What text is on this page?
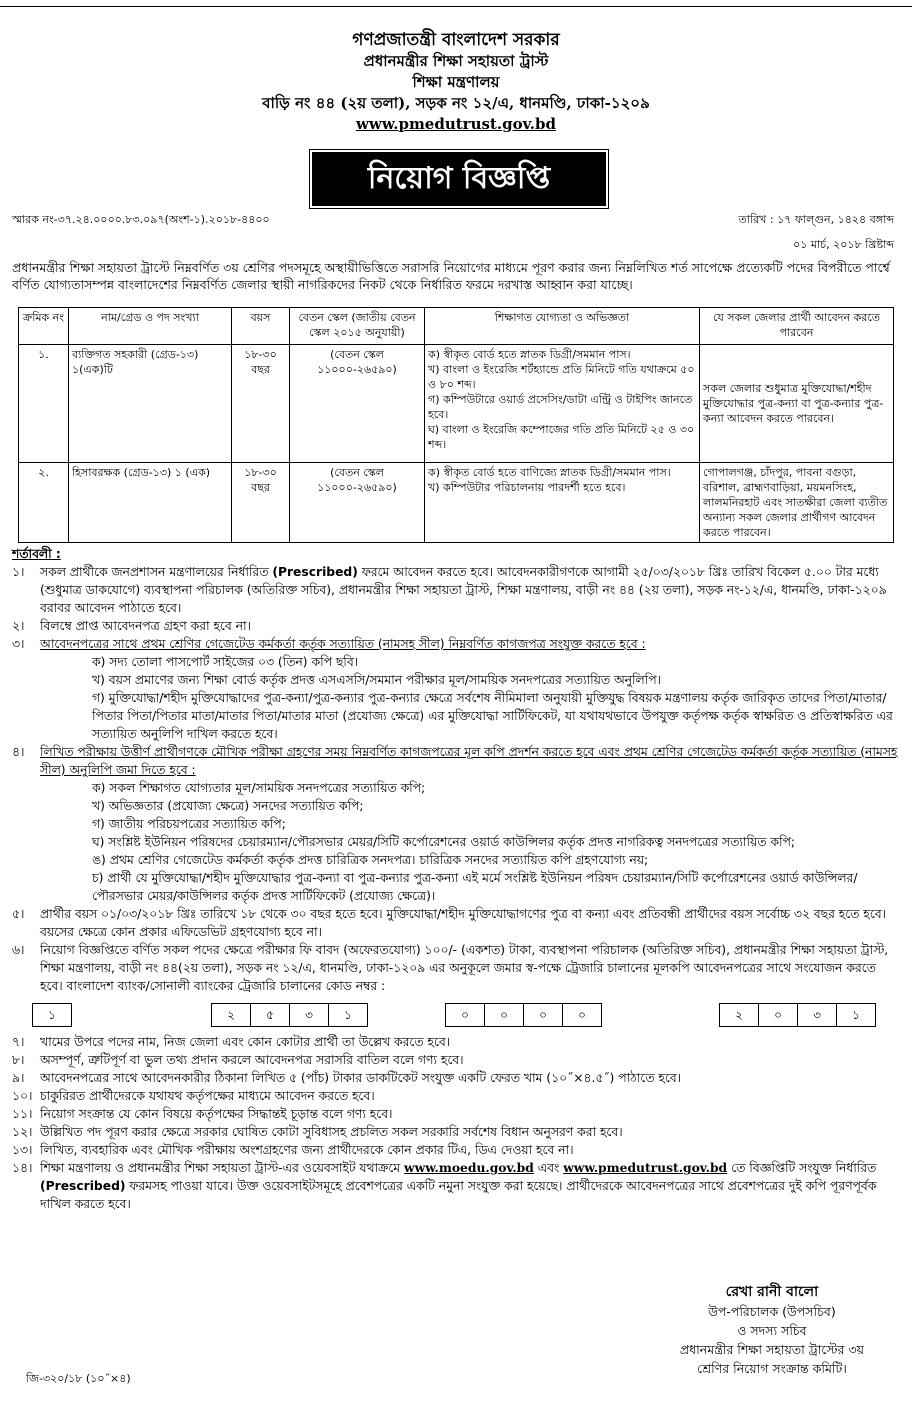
গণপ্রজাতন্ত্রী বাংলাদেশ সরকার
প্রধানমন্ত্রীর শিক্ষা সহায়তা ট্রাস্ট
শিক্ষা মন্ত্রণালয়
বাড়ি নং ৪৪ (২য় তলা), সড়ক নং ১২/এ, ধানমণ্ডি, ঢাকা-১২০৯
www.pmedutrust.gov.bd
নিয়োগ বিজ্ঞপ্তি
স্মারক নং-৩৭.২৪.০০০০.৮৩.০৯৭(অংশ-১).২০১৮-৪৪০০	তারিখ : ১৭ ফাল্গুন, ১৪২৪ বঙ্গাব্দ
০১ মার্চ, ২০১৮ খ্রিষ্টাব্দ
প্রধানমন্ত্রীর শিক্ষা সহায়তা ট্রাস্টে নিম্নবর্ণিত ৩য় শ্রেণির পদসমূহে অস্থায়ীভিত্তিতে সরাসরি নিয়োগের মাধ্যমে পূরণ করার জন্য নিম্নলিখিত শর্ত সাপেক্ষে প্রত্যেকটি পদের বিপরীতে পার্শ্বে বর্ণিত যোগ্যতাসম্পন্ন বাংলাদেশের নিম্নবর্ণিত জেলার স্থায়ী নাগরিকদের নিকট থেকে নির্ধারিত ফরমে দরখাস্ত আহ্বান করা যাচ্ছে।
ক্রমিক নং	নাম/গ্রেড ও পদ সংখ্যা	বয়স	বেতন স্কেল (জাতীয় বেতন স্কেল ২০১৫ অনুযায়ী)	শিক্ষাগত যোগ্যতা ও অভিজ্ঞতা	যে সকল জেলার প্রার্থী আবেদন করতে পারবেন
১.	ব্যক্তিগত সহকারী (গ্রেড-১৩) ১(এক)টি	১৮-৩০ বছর	(বেতন স্কেল ১১০০০-২৬৫৯০)	ক) স্বীকৃত বোর্ড হতে স্নাতক ডিগ্রী/সমমান পাস।
খ) বাংলা ও ইংরেজি শর্টহ্যান্ডে প্রতি মিনিটে গতি যথাক্রমে ৫০ ও ৮০ শব্দ।
গ) কম্পিউটারে ওয়ার্ড প্রসেসিং/ডাটা এন্ট্রি ও টাইপিং জানতে হবে।
ঘ) বাংলা ও ইংরেজি কম্পোজের গতি প্রতি মিনিটে ২৫ ও ৩০ শব্দ।	সকল জেলার শুধুমাত্র মুক্তিযোদ্ধা/শহীদ মুক্তিযোদ্ধার পুত্র-কন্যা বা পুত্র-কন্যার পুত্র-কন্যা আবেদন করতে পারবেন।
২.	হিসাবরক্ষক (গ্রেড-১৩) ১ (এক)	১৮-৩০ বছর	(বেতন স্কেল ১১০০০-২৬৫৯০)	ক) স্বীকৃত বোর্ড হতে বাণিজ্যে স্নাতক ডিগ্রী/সমমান পাস।
খ) কম্পিউটার পরিচালনায় পারদর্শী হতে হবে।	গোপালগঞ্জ, চাঁদপুর, পাবনা বগুড়া, বরিশাল, ব্রাহ্মণবাড়িয়া, ময়মনসিংহ, লালমনিরহাট এবং সাতক্ষীরা জেলা ব্যতীত অন্যান্য সকল জেলার প্রার্থীগণ আবেদন করতে পারবেন।
শর্তাবলী :
১।	সকল প্রার্থীকে জনপ্রশাসন মন্ত্রণালয়ের নির্ধারিত (Prescribed) ফরমে আবেদন করতে হবে। আবেদনকারীগণকে আগামী ২৫/০৩/২০১৮ খ্রিঃ তারিখ বিকেল ৫.০০ টার মধ্যে (শুধুমাত্র ডাকযোগে) ব্যবস্থাপনা পরিচালক (অতিরিক্ত সচিব), প্রধানমন্ত্রীর শিক্ষা সহায়তা ট্রাস্ট, শিক্ষা মন্ত্রণালয়, বাড়ী নং ৪৪ (২য় তলা), সড়ক নং-১২/এ, ধানমণ্ডি, ঢাকা-১২০৯ বরাবর আবেদন পাঠাতে হবে।
২।	বিলম্বে প্রাপ্ত আবেদনপত্র গ্রহণ করা হবে না।
৩।	আবেদনপত্রের সাথে প্রথম শ্রেণির গেজেটেড কর্মকর্তা কর্তৃক সত্যায়িত (নামসহ সীল) নিম্নবর্ণিত কাগজপত্র সংযুক্ত করতে হবে :
ক) সদ্য তোলা পাসপোর্ট সাইজের ০৩ (তিন) কপি ছবি।
খ) বয়স প্রমাণের জন্য শিক্ষা বোর্ড কর্তৃক প্রদত্ত এসএসসি/সমমান পরীক্ষার মূল/সাময়িক সনদপত্রের সত্যায়িত অনুলিপি।
গ) মুক্তিযোদ্ধা/শহীদ মুক্তিযোদ্ধাদের পুত্র-কন্যা/পুত্র-কন্যার পুত্র-কন্যার ক্ষেত্রে সর্বশেষ নীমিমালা অনুযায়ী মুক্তিযুদ্ধ বিষয়ক মন্ত্রণালয় কর্তৃক জারিকৃত তাদের পিতা/মাতার/পিতার পিতা/পিতার মাতা/মাতার পিতা/মাতার মাতা (প্রযোজ্য ক্ষেত্রে) এর মুক্তিযোদ্ধা সার্টিফিকেট, যা যথাযথভাবে উপযুক্ত কর্তৃপক্ষ কর্তৃক স্বাক্ষরিত ও প্রতিস্বাক্ষরিত এর সত্যায়িত অনুলিপি দাখিল করতে হবে।
৪।	লিখিত পরীক্ষায় উত্তীর্ণ প্রার্থীগণকে মৌখিক পরীক্ষা গ্রহণের সময় নিম্নবর্ণিত কাগজপত্রের মূল কপি প্রদর্শন করতে হবে এবং প্রথম শ্রেণির গেজেটেড কর্মকর্তা কর্তৃক সত্যায়িত (নামসহ সীল) অনুলিপি জমা দিতে হবে :
ক) সকল শিক্ষাগত যোগ্যতার মূল/সাময়িক সনদপত্রের সত্যায়িত কপি;
খ) অভিজ্ঞতার (প্রযোজ্য ক্ষেত্রে) সনদের সত্যায়িত কপি;
গ) জাতীয় পরিচয়পত্রের সত্যায়িত কপি;
ঘ) সংশ্লিষ্ট ইউনিয়ন পরিষদের চেয়ারম্যান/পৌরসভার মেয়র/সিটি কর্পোরেশনের ওয়ার্ড কাউন্সিলর কর্তৃক প্রদত্ত নাগরিকত্ব সনদপত্রের সত্যায়িত কপি;
ঙ) প্রথম শ্রেণির গেজেটেড কর্মকর্তা কর্তৃক প্রদত্ত চারিত্রিক সনদপত্র। চারিত্রিক সনদের সত্যায়িত কপি গ্রহণযোগ্য নয়;
চ) প্রার্থী যে মুক্তিযোদ্ধা/শহীদ মুক্তিযোদ্ধার পুত্র-কন্যা বা পুত্র-কন্যার পুত্র-কন্যা এই মর্মে সংশ্লিষ্ট ইউনিয়ন পরিষদ চেয়ারম্যান/সিটি কর্পোরেশনের ওয়ার্ড কাউন্সিলর/পৌরসভার মেয়র/কাউন্সিলর কর্তৃক প্রদত্ত সার্টিফিকেট (প্রযোজ্য ক্ষেত্রে)।
৫।	প্রার্থীর বয়স ০১/০৩/২০১৮ খ্রিঃ তারিখে ১৮ থেকে ৩০ বছর হতে হবে। মুক্তিযোদ্ধা/শহীদ মুক্তিযোদ্ধাগণের পুত্র বা কন্যা এবং প্রতিবন্ধী প্রার্থীদের বয়স সর্বোচ্চ ৩২ বছর হতে হবে। বয়সের ক্ষেত্রে কোন প্রকার এফিডেভিট গ্রহণযোগ্য হবে না।
৬।	নিয়োগ বিজ্ঞপ্তিতে বর্ণিত সকল পদের ক্ষেত্রে পরীক্ষার ফি বাবদ (অফেরতযোগ্য) ১০০/- (একশত) টাকা, ব্যবস্থাপনা পরিচালক (অতিরিক্ত সচিব), প্রধানমন্ত্রীর শিক্ষা সহায়তা ট্রাস্ট, শিক্ষা মন্ত্রণালয়, বাড়ী নং ৪৪(২য় তলা), সড়ক নং ১২/এ, ধানমণ্ডি, ঢাকা-১২০৯ এর অনুকূলে জমার স্ব-পক্ষে ট্রেজারি চালানের মূলকপি আবেদনপত্রের সাথে সংযোজন করতে হবে। বাংলাদেশ ব্যাংক/সোনালী ব্যাংকের ট্রেজারি চালানের কোড নম্বর :
১	২	৫	৩	১	০	০	০	০	২	০	৩	১
৭।	খামের উপরে পদের নাম, নিজ জেলা এবং কোন কোটার প্রার্থী তা উল্লেখ করতে হবে।
৮।	অসম্পূর্ণ, ত্রুটিপূর্ণ বা ভুল তথ্য প্রদান করলে আবেদনপত্র সরাসরি বাতিল বলে গণ্য হবে।
৯।	আবেদনপত্রের সাথে আবেদনকারীর ঠিকানা লিখিত ৫ (পাঁচ) টাকার ডাকটিকেট সংযুক্ত একটি ফেরত খাম (১০˝×৪.৫˝) পাঠাতে হবে।
১০। চাকুরিরত প্রার্থীদেরকে যথাযথ কর্তৃপক্ষের মাধ্যমে আবেদন করতে হবে।
১১। নিয়োগ সংক্রান্ত যে কোন বিষয়ে কর্তৃপক্ষের সিদ্ধান্তই চূড়ান্ত বলে গণ্য হবে।
১২। উল্লিখিত পদ পূরণ করার ক্ষেত্রে সরকার ঘোষিত কোটা সুবিধাসহ প্রচলিত সকল সরকারি সর্বশেষ বিধান অনুসরণ করা হবে।
১৩। লিখিত, ব্যবহারিক এবং মৌখিক পরীক্ষায় অংশগ্রহণের জন্য প্রার্থীদেরকে কোন প্রকার টিএ, ডিএ দেওয়া হবে না।
১৪। শিক্ষা মন্ত্রণালয় ও প্রধানমন্ত্রীর শিক্ষা সহায়তা ট্রাস্ট-এর ওয়েবসাইট যথাক্রমে www.moedu.gov.bd এবং www.pmedutrust.gov.bd তে বিজ্ঞপ্তিটি সংযুক্ত নির্ধারিত (Prescribed) ফরমসহ পাওয়া যাবে। উক্ত ওয়েবসাইটসমূহে প্রবেশপত্রের একটি নমুনা সংযুক্ত করা হয়েছে। প্রার্থীদেরকে আবেদনপত্রের সাথে প্রবেশপত্রের দুই কপি পূরণপূর্বক দাখিল করতে হবে।
রেখা রানী বালো
উপ-পরিচালক (উপসচিব)
ও সদস্য সচিব
প্রধানমন্ত্রীর শিক্ষা সহায়তা ট্রাস্টের ৩য়
শ্রেণির নিয়োগ সংক্রান্ত কমিটি।
জি-৩২০/১৮ (১০˝×৪)
